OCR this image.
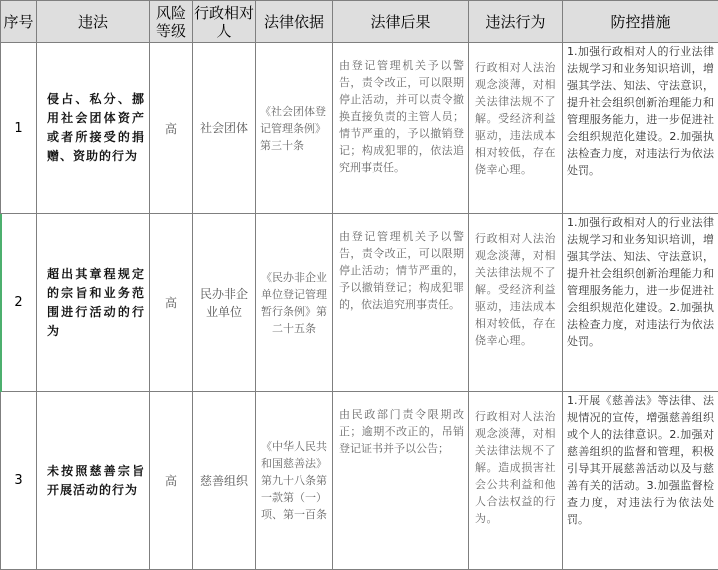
序号	违法	风险等级	行政相对人	法律依据	法律后果	违法行为	防控措施
1	侵占、私分、挪用社会团体资产或者所接受的捐赠、资助的行为	高	社会团体	《社会团体登记管理条例》第三十条	由登记管理机关予以警告，责令改正，可以限期停止活动，并可以责令撤换直接负责的主管人员；情节严重的，予以撤销登记；构成犯罪的，依法追究刑事责任。	行政相对人法治观念淡薄，对相关法律法规不了解。受经济利益驱动，违法成本相对较低，存在侥幸心理。	1.加强行政相对人的行业法律法规学习和业务知识培训，增强其学法、知法、守法意识，提升社会组织创新治理能力和管理服务能力，进一步促进社会组织规范化建设。2.加强执法检查力度，对违法行为依法处罚。
2	超出其章程规定的宗旨和业务范围进行活动的行为	高	民办非企业单位	《民办非企业单位登记管理暂行条例》第二十五条	由登记管理机关予以警告，责令改正，可以限期停止活动；情节严重的，予以撤销登记；构成犯罪的，依法追究刑事责任。	行政相对人法治观念淡薄，对相关法律法规不了解。受经济利益驱动，违法成本相对较低，存在侥幸心理。	1.加强行政相对人的行业法律法规学习和业务知识培训，增强其学法、知法、守法意识，提升社会组织创新治理能力和管理服务能力，进一步促进社会组织规范化建设。2.加强执法检查力度，对违法行为依法处罚。
3	未按照慈善宗旨开展活动的行为	高	慈善组织	《中华人民共和国慈善法》第九十八条第一款第（一）项、第一百条	由民政部门责令限期改正；逾期不改正的，吊销登记证书并予以公告；	行政相对人法治观念淡薄，对相关法律法规不了解。造成损害社会公共利益和他人合法权益的行为。	1.开展《慈善法》等法律、法规情况的宣传，增强慈善组织或个人的法律意识。2.加强对慈善组织的监督和管理，积极引导其开展慈善活动以及与慈善有关的活动。3.加强监督检查力度，对违法行为依法处罚。
